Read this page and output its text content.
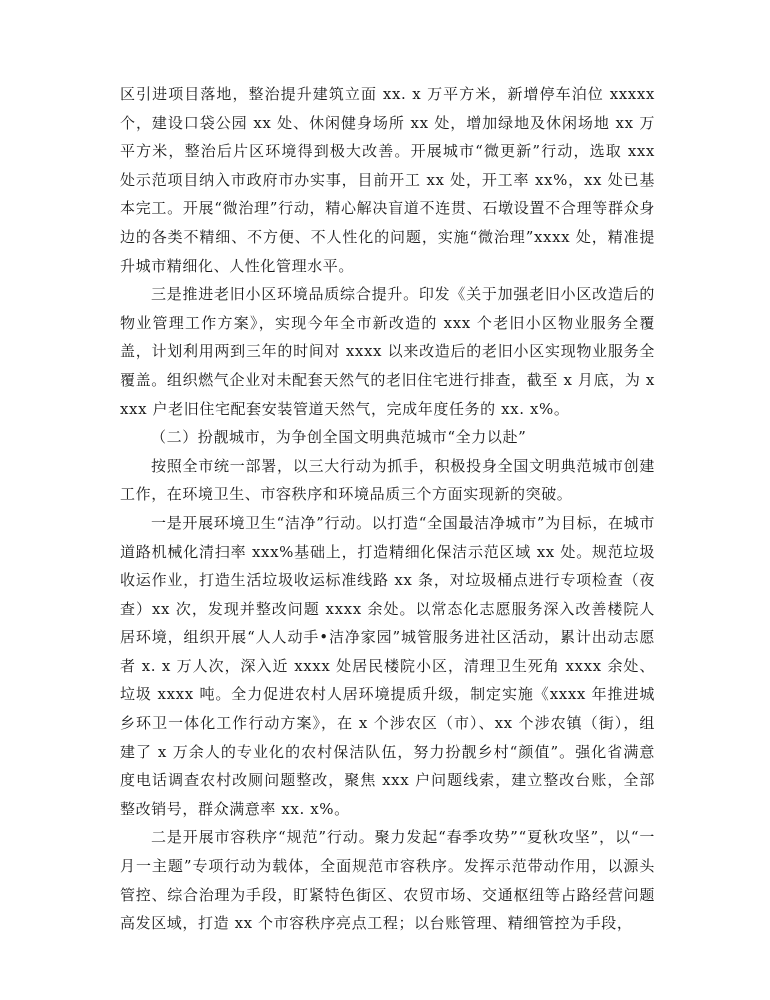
区引进项目落地，整治提升建筑立面 xx. x 万平方米，新增停车泊位 xxxxx 个，建设口袋公园 xx 处、休闲健身场所 xx 处，增加绿地及休闲场地 xx 万平方米，整治后片区环境得到极大改善。开展城市“微更新”行动，选取 xxx 处示范项目纳入市政府市办实事，目前开工 xx 处，开工率 xx%，xx 处已基本完工。开展“微治理”行动，精心解决盲道不连贯、石墩设置不合理等群众身边的各类不精细、不方便、不人性化的问题，实施“微治理”xxxx 处，精准提升城市精细化、人性化管理水平。

三是推进老旧小区环境品质综合提升。印发《关于加强老旧小区改造后的物业管理工作方案》，实现今年全市新改造的 xxx 个老旧小区物业服务全覆盖，计划利用两到三年的时间对 xxxx 以来改造后的老旧小区实现物业服务全覆盖。组织燃气企业对未配套天然气的老旧住宅进行排查，截至 x 月底，为 xxxx 户老旧住宅配套安装管道天然气，完成年度任务的 xx. x%。

（二）扮靓城市，为争创全国文明典范城市“全力以赴”

按照全市统一部署，以三大行动为抓手，积极投身全国文明典范城市创建工作，在环境卫生、市容秩序和环境品质三个方面实现新的突破。

一是开展环境卫生“洁净”行动。以打造“全国最洁净城市”为目标，在城市道路机械化清扫率 xxx%基础上，打造精细化保洁示范区域 xx 处。规范垃圾收运作业，打造生活垃圾收运标准线路 xx 条，对垃圾桶点进行专项检查（夜查）xx 次，发现并整改问题 xxxx 余处。以常态化志愿服务深入改善楼院人居环境，组织开展“人人动手•洁净家园”城管服务进社区活动，累计出动志愿者 x. x 万人次，深入近 xxxx 处居民楼院小区，清理卫生死角 xxxx 余处、垃圾 xxxx 吨。全力促进农村人居环境提质升级，制定实施《xxxx 年推进城乡环卫一体化工作行动方案》，在 x 个涉农区（市）、xx 个涉农镇（街），组建了 x 万余人的专业化的农村保洁队伍，努力扮靓乡村“颜值”。强化省满意度电话调查农村改厕问题整改，聚焦 xxx 户问题线索，建立整改台账，全部整改销号，群众满意率 xx. x%。

二是开展市容秩序“规范”行动。聚力发起“春季攻势”“夏秋攻坚”，以“一月一主题”专项行动为载体，全面规范市容秩序。发挥示范带动作用，以源头管控、综合治理为手段，盯紧特色街区、农贸市场、交通枢纽等占路经营问题高发区域，打造 xx 个市容秩序亮点工程；以台账管理、精细管控为手段，
